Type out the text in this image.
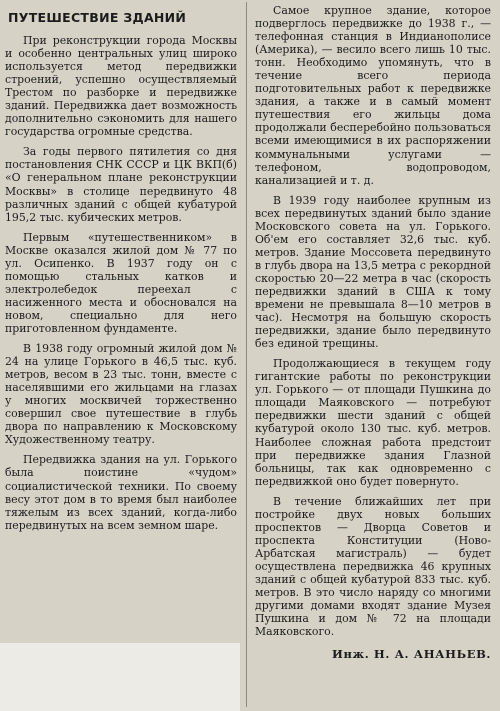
ПУТЕШЕСТВИЕ ЗДАНИЙ

При реконструкции города Москвы и особенно центральных улиц широко используется метод передвижки строений, успешно осуществляемый Трестом по разборке и передвижке зданий. Передвижка дает возможность дополнительно сэкономить для нашего государства огромные средства.

За годы первого пятилетия со дня постановления СНК СССР и ЦК ВКП(б) «О генеральном плане реконструкции Москвы» в столице передвинуто 48 различных зданий с общей кубатурой 195,2 тыс. кубических метров.

Первым «путешественником» в Москве оказался жилой дом № 77 по ул. Осипенко. В 1937 году он с помощью стальных катков и электролебедок переехал с насиженного места и обосновался на новом, специально для него приготовленном фундаменте.

В 1938 году огромный жилой дом № 24 на улице Горького в 46,5 тыс. куб. метров, весом в 23 тыс. тонн, вместе с населявшими его жильцами на глазах у многих москвичей торжественно совершил свое путешествие в глубь двора по направлению к Московскому Художественному театру.

Передвижка здания на ул. Горького была поистине «чудом» социалистической техники. По своему весу этот дом в то время был наиболее тяжелым из всех зданий, когда-либо передвинутых на всем земном шаре.

Самое крупное здание, которое подверглось передвижке до 1938 г., — телефонная станция в Индианополисе (Америка), — весило всего лишь 10 тыс. тонн. Необходимо упомянуть, что в течение всего периода подготовительных работ к передвижке здания, а также и в самый момент путешествия его жильцы дома продолжали бесперебойно пользоваться всеми имеющимися в их распоряжении коммунальными услугами — телефоном, водопроводом, канализацией и т. д.

В 1939 году наиболее крупным из всех передвинутых зданий было здание Московского совета на ул. Горького. Об'ем его составляет 32,6 тыс. куб. метров. Здание Моссовета передвинуто в глубь двора на 13,5 метра с рекордной скоростью 20—22 метра в час (скорость передвижки зданий в США к тому времени не превышала 8—10 метров в час). Несмотря на большую скорость передвижки, здание было передвинуто без единой трещины.

Продолжающиеся в текущем году гигантские работы по реконструкции ул. Горького — от площади Пушкина до площади Маяковского — потребуют передвижки шести зданий с общей кубатурой около 130 тыс. куб. метров. Наиболее сложная работа предстоит при передвижке здания Глазной больницы, так как одновременно с передвижкой оно будет повернуто.

В течение ближайших лет при постройке двух новых больших проспектов — Дворца Советов и проспекта Конституции (Ново-Арбатская магистраль) — будет осуществлена передвижка 46 крупных зданий с общей кубатурой 833 тыс. куб. метров. В это число наряду со многими другими домами входят здание Музея Пушкина и дом № 72 на площади Маяковского.

Инж. Н. А. АНАНЬЕВ.
